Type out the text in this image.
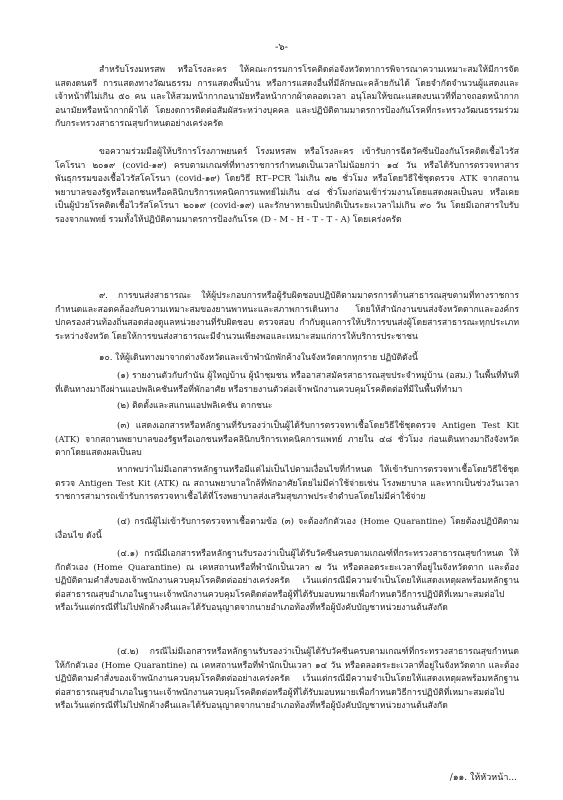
-๖-
สำหรับโรงมหรสพ หรือโรงละคร ให้คณะกรรมการโรคติดต่อจังหวัดทาการพิจารณาความเหมาะสมให้มีการจัดแสดงดนตรี การแสดงทางวัฒนธรรม การแสดงพื้นบ้าน หรือการแสดงอื่นที่มีลักษณะคล้ายกันได้ โดยจำกัดจำนวนผู้แสดงและเจ้าหน้าที่ไม่เกิน ๕๐ คน และให้สวมหน้ากากอนามัยหรือหน้ากากผ้าตลอดเวลา อนุโลมให้ขณะแสดงบนเวทีที่อาจถอดหน้ากากอนามัยหรือหน้ากากผ้าได้ โดยงดการติดต่อสัมผัสระหว่างบุคคล และปฏิบัติตามมาตรการป้องกันโรคที่กระทรวงวัฒนธรรมร่วมกับกระทรวงสาธารณสุขกำหนดอย่างเคร่งครัด
ขอความร่วมมือผู้ให้บริการโรงภาพยนตร์ โรงมหรสพ หรือโรงละคร เข้ารับการฉีดวัคซีนป้องกันโรคติดเชื้อไวรัสโคโรนา ๒๐๑๙ (covid-๑๙) ครบตามเกณฑ์ที่ทางราชการกำหนดเป็นเวลาไม่น้อยกว่า ๑๔ วัน หรือได้รับการตรวจหาสารพันธุกรรมของเชื้อไวรัสโคโรนา (covid-๑๙) โดยวิธี RT–PCR ไม่เกิน ๗๒ ชั่วโมง หรือโดยวิธีใช้ชุดตรวจ ATK จากสถานพยาบาลของรัฐหรือเอกชนหรือคลินิกบริการเทคนิคการแพทย์ไม่เกิน ๔๘ ชั่วโมงก่อนเข้าร่วมงานโดยแสดงผลเป็นลบ หรือเคยเป็นผู้ป่วยโรคติดเชื้อไวรัสโคโรนา ๒๐๑๙ (covid-๑๙) และรักษาหายเป็นปกติเป็นระยะเวลาไม่เกิน ๙๐ วัน โดยมีเอกสารใบรับรองจากแพทย์ รวมทั้งให้ปฏิบัติตามมาตรการป้องกันโรค (D - M - H - T - T - A) โดยเคร่งครัด
๙. การขนส่งสาธารณะ ให้ผู้ประกอบการหรือผู้รับผิดชอบปฏิบัติตามมาตรการด้านสาธารณสุขตามที่ทางราชการกำหนดและสอดคล้องกับความเหมาะสมของยานพาหนะและสภาพการเดินทาง โดยให้สำนักงานขนส่งจังหวัดตากและองค์กรปกครองส่วนท้องถิ่นสอดส่องดูแลหน่วยงานที่รับผิดชอบ ตรวจสอบ กำกับดูแลการให้บริการขนส่งผู้โดยสารสาธารณะทุกประเภทระหว่างจังหวัด โดยให้การขนส่งสาธารณะมีจำนวนเพียงพอและเหมาะสมแก่การให้บริการประชาชน
๑๐. ให้ผู้เดินทางมาจากต่างจังหวัดและเข้าพำนักพักค้างในจังหวัดตากทุกราย ปฏิบัติดังนี้
(๑) รายงานตัวกับกำนัน ผู้ใหญ่บ้าน ผู้นำชุมชน หรืออาสาสมัครสาธารณสุขประจำหมู่บ้าน (อสม.) ในพื้นที่ทันทีที่เดินทางมาถึงผ่านแอปพลิเคชันหรือที่พักอาศัย หรือรายงานตัวต่อเจ้าพนักงานควบคุมโรคติดต่อที่มีในพื้นที่ทำมา
(๒) ติดตั้งและสแกนแอปพลิเคชัน ตากชนะ
(๓) แสดงเอกสารหรือหลักฐานที่รับรองว่าเป็นผู้ได้รับการตรวจหาเชื้อโดยวิธีใช้ชุดตรวจ Antigen Test Kit (ATK) จากสถานพยาบาลของรัฐหรือเอกชนหรือคลินิกบริการเทคนิคการแพทย์ ภายใน ๔๘ ชั่วโมง ก่อนเดินทางมาถึงจังหวัดตากโดยแสดงผลเป็นลบ
หากพบว่าไม่มีเอกสารหลักฐานหรือมีแต่ไม่เป็นไปตามเงื่อนไขที่กำหนด ให้เข้ารับการตรวจหาเชื้อโดยวิธีใช้ชุดตรวจ Antigen Test Kit (ATK) ณ สถานพยาบาลใกล้ที่พักอาศัยโดยไม่มีค่าใช้จ่ายเช่น โรงพยาบาล และหากเป็นช่วงวันเวลาราชการสามารถเข้ารับการตรวจหาเชื้อได้ที่โรงพยาบาลส่งเสริมสุขภาพประจำตำบลโดยไม่มีค่าใช้จ่าย
(๔) กรณีผู้ไม่เข้ารับการตรวจหาเชื้อตามข้อ (๓) จะต้องกักตัวเอง (Home Quarantine) โดยต้องปฏิบัติตามเงื่อนไข ดังนี้
(๔.๑) กรณีมีเอกสารหรือหลักฐานรับรองว่าเป็นผู้ได้รับวัคซีนครบตามเกณฑ์ที่กระทรวงสาธารณสุขกำหนด ให้กักตัวเอง (Home Quarantine) ณ เคหสถานหรือที่พำนักเป็นเวลา ๗ วัน หรือตลอดระยะเวลาที่อยู่ในจังหวัดตาก และต้องปฏิบัติตามคำสั่งของเจ้าพนักงานควบคุมโรคติดต่ออย่างเคร่งครัด เว้นแต่กรณีมีความจำเป็นโดยให้แสดงเหตุผลพร้อมหลักฐานต่อสาธารณสุขอำเภอในฐานะเจ้าพนักงานควบคุมโรคติดต่อหรือผู้ที่ได้รับมอบหมายเพื่อกำหนดวิธีการปฏิบัติที่เหมาะสมต่อไป หรือเว้นแต่กรณีที่ไม่ไปพักค้างคืนและได้รับอนุญาตจากนายอำเภอท้องที่หรือผู้บังคับบัญชาหน่วยงานต้นสังกัด
(๔.๒) กรณีไม่มีเอกสารหรือหลักฐานรับรองว่าเป็นผู้ได้รับวัคซีนครบตามเกณฑ์ที่กระทรวงสาธารณสุขกำหนด ให้กักตัวเอง (Home Quarantine) ณ เคหสถานหรือที่พำนักเป็นเวลา ๑๔ วัน หรือตลอดระยะเวลาที่อยู่ในจังหวัดตาก และต้องปฏิบัติตามคำสั่งของเจ้าพนักงานควบคุมโรคติดต่ออย่างเคร่งครัด เว้นแต่กรณีมีความจำเป็นโดยให้แสดงเหตุผลพร้อมหลักฐานต่อสาธารณสุขอำเภอในฐานะเจ้าพนักงานควบคุมโรคติดต่อหรือผู้ที่ได้รับมอบหมายเพื่อกำหนดวิธีการปฏิบัติที่เหมาะสมต่อไป หรือเว้นแต่กรณีที่ไม่ไปพักค้างคืนและได้รับอนุญาตจากนายอำเภอท้องที่หรือผู้บังคับบัญชาหน่วยงานต้นสังกัด
/๑๑. ให้หัวหน้า...
